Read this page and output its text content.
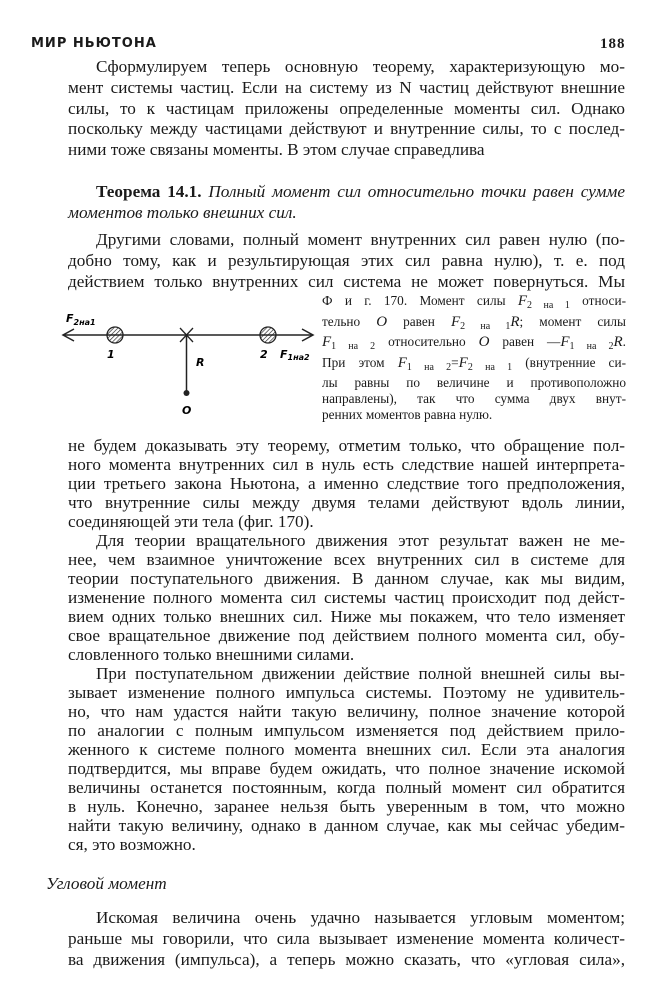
МИР НЬЮТОНА	188
Сформулируем теперь основную теорему, характеризующую мо-
мент системы частиц. Если на систему из N частиц действуют внешние
силы, то к частицам приложены определенные моменты сил. Однако
поскольку между частицами действуют и внутренние силы, то с послед-
ними тоже связаны моменты. В этом случае справедлива
Теорема 14.1. Полный момент сил относительно точки равен сумме
моментов только внешних сил.
Другими словами, полный момент внутренних сил равен нулю (по-
добно тому, как и результирующая этих сил равна нулю), т. е. под
действием только внутренних сил система не может повернуться. Мы
$F_{2на1}$
1
R
2 F1на2
O
Ф и г. 170. Момент силы $F_{2 на 1}$ относи-
тельно O равен $F_{2 на 1}R$; момент силы
$F_{1 на 2}$ относительно O равен $—F_{1 на 2}R$.
При этом $F_{1 на 2}=F_{2 на 1}$ (внутренние си-
лы равны по величине и противоположно
направлены), так что сумма двух внут-
ренних моментов равна нулю.
не будем доказывать эту теорему, отметим только, что обращение пол-
ного момента внутренних сил в нуль есть следствие нашей интерпрета-
ции третьего закона Ньютона, а именно следствие того предположения,
что внутренние силы между двумя телами действуют вдоль линии,
соединяющей эти тела (фиг. 170).
Для теории вращательного движения этот результат важен не ме-
нее, чем взаимное уничтожение всех внутренних сил в системе для
теории поступательного движения. В данном случае, как мы видим,
изменение полного момента сил системы частиц происходит под дейст-
вием одних только внешних сил. Ниже мы покажем, что тело изменяет
свое вращательное движение под действием полного момента сил, обу-
словленного только внешними силами.
При поступательном движении действие полной внешней силы вы-
зывает изменение полного импульса системы. Поэтому не удивитель-
но, что нам удастся найти такую величину, полное значение которой
по аналогии с полным импульсом изменяется под действием прило-
женного к системе полного момента внешних сил. Если эта аналогия
подтвердится, мы вправе будем ожидать, что полное значение искомой
величины останется постоянным, когда полный момент сил обратится
в нуль. Конечно, заранее нельзя быть уверенным в том, что можно
найти такую величину, однако в данном случае, как мы сейчас убедим-
ся, это возможно.
Угловой момент
Искомая величина очень удачно называется угловым моментом;
раньше мы говорили, что сила вызывает изменение момента количест-
ва движения (импульса), а теперь можно сказать, что «угловая сила»,
